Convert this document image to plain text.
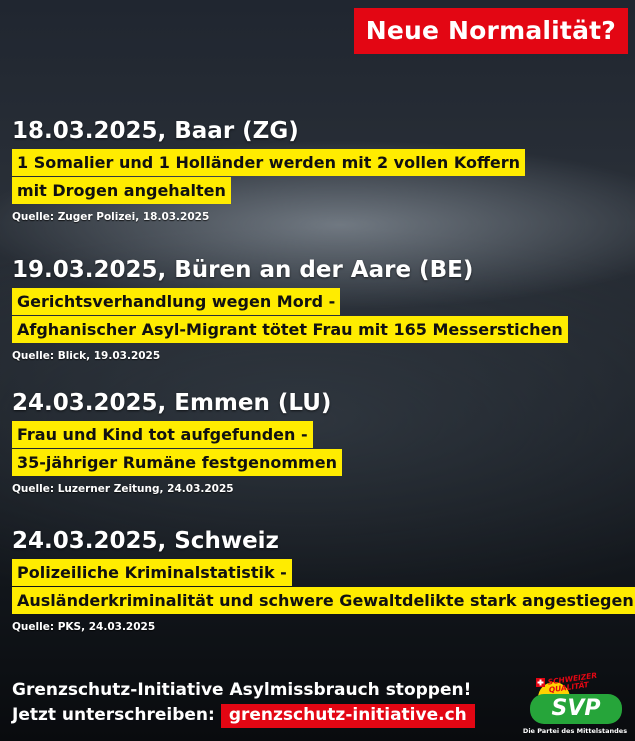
Neue Normalität?
18.03.2025, Baar (ZG)
1 Somalier und 1 Holländer werden mit 2 vollen Koffern
mit Drogen angehalten
Quelle: Zuger Polizei, 18.03.2025
19.03.2025, Büren an der Aare (BE)
Gerichtsverhandlung wegen Mord -
Afghanischer Asyl-Migrant tötet Frau mit 165 Messerstichen
Quelle: Blick, 19.03.2025
24.03.2025, Emmen (LU)
Frau und Kind tot aufgefunden -
35-jähriger Rumäne festgenommen
Quelle: Luzerner Zeitung, 24.03.2025
24.03.2025, Schweiz
Polizeiliche Kriminalstatistik -
Ausländerkriminalität und schwere Gewaltdelikte stark angestiegen
Quelle: PKS, 24.03.2025
Grenzschutz-Initiative Asylmissbrauch stoppen!
Jetzt unterschreiben: grenzschutz-initiative.ch
SCHWEIZER QUALITÄT
SVP
Die Partei des Mittelstandes
